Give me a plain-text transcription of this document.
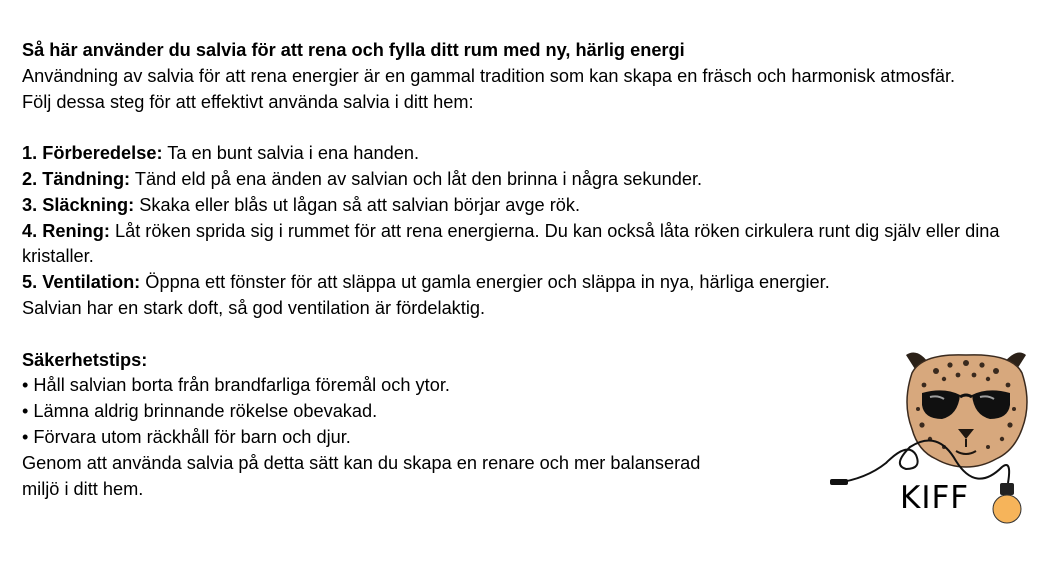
Så här använder du salvia för att rena och fylla ditt rum med ny, härlig energi

Användning av salvia för att rena energier är en gammal tradition som kan skapa en fräsch och harmonisk atmosfär.

Följ dessa steg för att effektivt använda salvia i ditt hem:

1. Förberedelse: Ta en bunt salvia i ena handen.

2. Tändning: Tänd eld på ena änden av salvian och låt den brinna i några sekunder.

3. Släckning: Skaka eller blås ut lågan så att salvian börjar avge rök.

4. Rening: Låt röken sprida sig i rummet för att rena energierna. Du kan också låta röken cirkulera runt dig själv eller dina kristaller.

5. Ventilation: Öppna ett fönster för att släppa ut gamla energier och släppa in nya, härliga energier.

Salvian har en stark doft, så god ventilation är fördelaktig.

Säkerhetstips:

• Håll salvian borta från brandfarliga föremål och ytor.

• Lämna aldrig brinnande rökelse obevakad.

• Förvara utom räckhåll för barn och djur.

Genom att använda salvia på detta sätt kan du skapa en renare och mer balanserad

miljö i ditt hem.	KIFF
